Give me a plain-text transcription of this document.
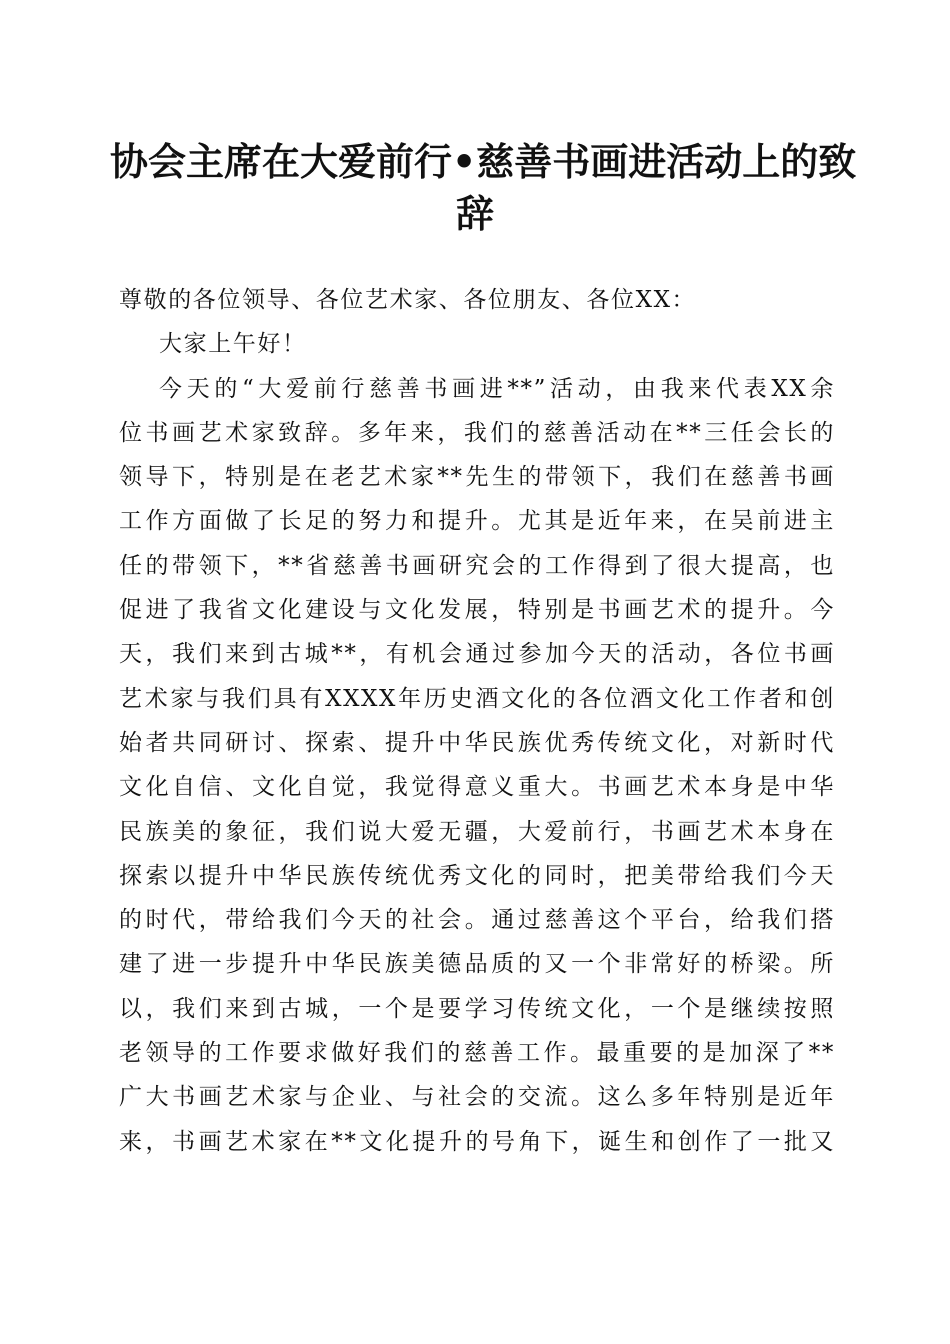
协会主席在大爱前行•慈善书画进活动上的致
辞
尊敬的各位领导、各位艺术家、各位朋友、各位XX：
大家上午好！
今天的“大爱前行慈善书画进**”活动，由我来代表XX余
位书画艺术家致辞。多年来，我们的慈善活动在**三任会长的
领导下，特别是在老艺术家**先生的带领下，我们在慈善书画
工作方面做了长足的努力和提升。尤其是近年来，在吴前进主
任的带领下，**省慈善书画研究会的工作得到了很大提高，也
促进了我省文化建设与文化发展，特别是书画艺术的提升。今
天，我们来到古城**，有机会通过参加今天的活动，各位书画
艺术家与我们具有XXXX年历史酒文化的各位酒文化工作者和创
始者共同研讨、探索、提升中华民族优秀传统文化，对新时代
文化自信、文化自觉，我觉得意义重大。书画艺术本身是中华
民族美的象征，我们说大爱无疆，大爱前行，书画艺术本身在
探索以提升中华民族传统优秀文化的同时，把美带给我们今天
的时代，带给我们今天的社会。通过慈善这个平台，给我们搭
建了进一步提升中华民族美德品质的又一个非常好的桥梁。所
以，我们来到古城，一个是要学习传统文化，一个是继续按照
老领导的工作要求做好我们的慈善工作。最重要的是加深了**
广大书画艺术家与企业、与社会的交流。这么多年特别是近年
来，书画艺术家在**文化提升的号角下，诞生和创作了一批又
